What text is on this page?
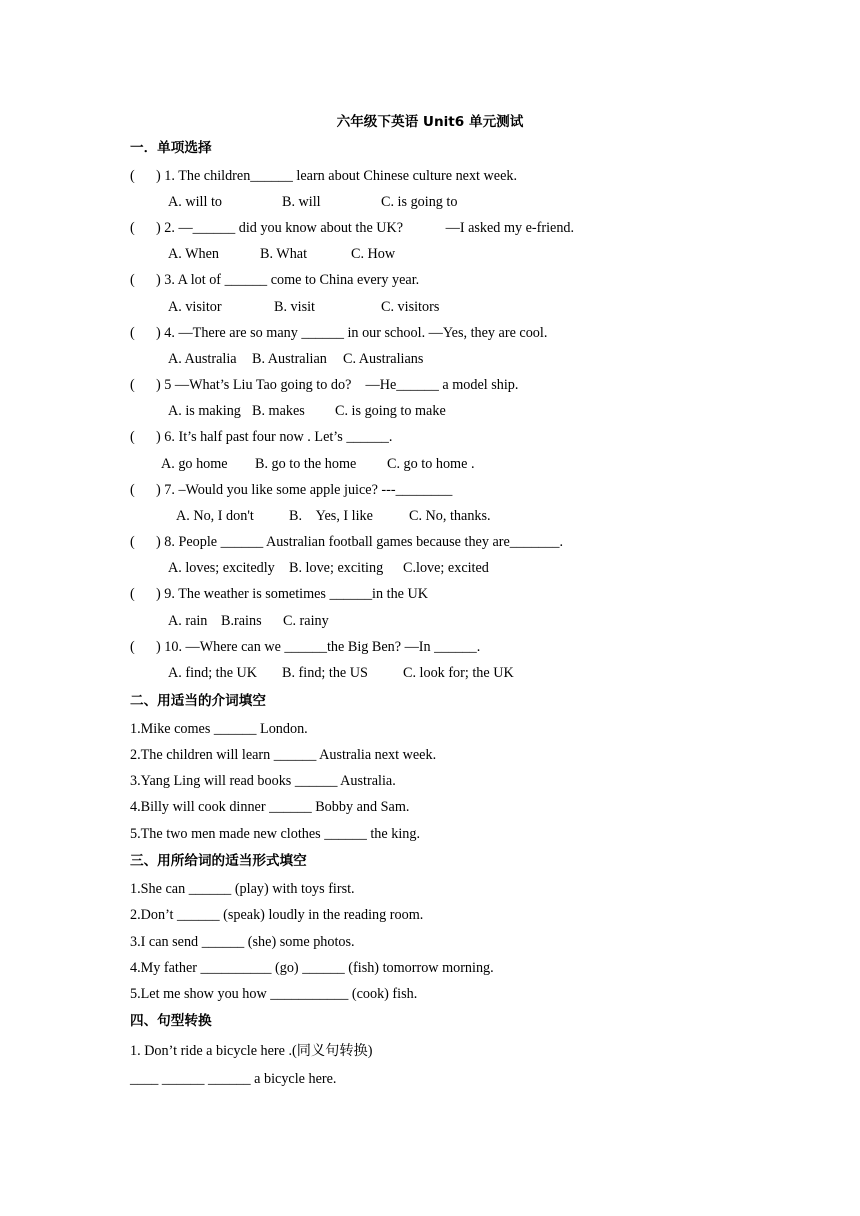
六年级下英语 Unit6 单元测试
一．单项选择
(      ) 1. The children______ learn about Chinese culture next week.
A. will to	B. will	C. is going to
(      ) 2. —______ did you know about the UK?            —I asked my e-friend.
A. When	B. What	C. How
(      ) 3. A lot of ______ come to China every year.
A. visitor	B. visit	C. visitors
(      ) 4. —There are so many ______ in our school. —Yes, they are cool.
A. Australia B. Australian C. Australians
(      ) 5 —What’s Liu Tao going to do?    —He______ a model ship.
A. is making B. makes C. is going to make
(      ) 6. It’s half past four now . Let’s ______.
A. go home B. go to the home C. go to home .
(      ) 7. –Would you like some apple juice? ---________
A. No, I don't B.    Yes, I like	C. No, thanks.
(      ) 8. People ______ Australian football games because they are_______.
A. loves; excitedly B. love; exciting C.love; excited
(      ) 9. The weather is sometimes ______in the UK
A. rain B.rains C. rainy
(      ) 10. —Where can we ______the Big Ben? —In ______.
A. find; the UK B. find; the US C. look for; the UK
二、用适当的介词填空
1.Mike comes ______ London.
2.The children will learn ______ Australia next week.
3.Yang Ling will read books ______ Australia.
4.Billy will cook dinner ______ Bobby and Sam.
5.The two men made new clothes ______ the king.
三、用所给词的适当形式填空
1.She can ______ (play) with toys first.
2.Don’t ______ (speak) loudly in the reading room.
3.I can send ______ (she) some photos.
4.My father __________ (go) ______ (fish) tomorrow morning.
5.Let me show you how ___________ (cook) fish.
四、句型转换
1. Don’t ride a bicycle here .(同义句转换)
____ ______ ______ a bicycle here.
